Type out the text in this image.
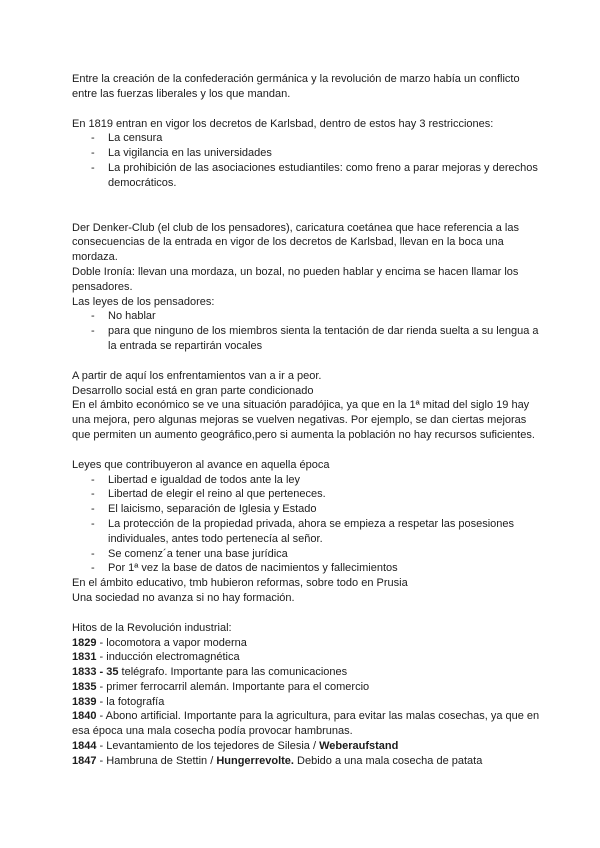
Entre la creación de la confederación germánica y la revolución de marzo había un conflicto entre las fuerzas liberales y los que mandan.

En 1819 entran en vigor los decretos de Karlsbad, dentro de estos hay 3 restricciones:

- La censura
- La vigilancia en las universidades
- La prohibición de las asociaciones estudiantiles: como freno a parar mejoras y derechos democráticos.

Der Denker-Club (el club de los pensadores), caricatura coetánea que hace referencia a las consecuencias de la entrada en vigor de los decretos de Karlsbad, llevan en la boca una mordaza.

Doble Ironía: llevan una mordaza, un bozal, no pueden hablar y encima se hacen llamar los pensadores.

Las leyes de los pensadores:

- No hablar
- para que ninguno de los miembros sienta la tentación de dar rienda suelta a su lengua a la entrada se repartirán vocales

A partir de aquí los enfrentamientos van a ir a peor.

Desarrollo social está en gran parte condicionado

En el ámbito económico se ve una situación paradójica, ya que en la 1ª mitad del siglo 19 hay una mejora, pero algunas mejoras se vuelven negativas. Por ejemplo, se dan ciertas mejoras que permiten un aumento geográfico,pero si aumenta la población no hay recursos suficientes.

Leyes que contribuyeron al avance en aquella época

- Libertad e igualdad de todos ante la ley
- Libertad de elegir el reino al que perteneces.
- El laicismo, separación de Iglesia y Estado
- La protección de la propiedad privada, ahora se empieza a respetar las posesiones individuales, antes todo pertenecía al señor.
- Se comenz´a tener una base jurídica
- Por 1ª vez la base de datos de nacimientos y fallecimientos

En el ámbito educativo, tmb hubieron reformas, sobre todo en Prusia

Una sociedad no avanza si no hay formación.

Hitos de la Revolución industrial:

1829 - locomotora a vapor moderna

1831 - inducción electromagnética

1833 - 35 telégrafo. Importante para las comunicaciones

1835 - primer ferrocarril alemán. Importante para el comercio

1839 - la fotografía

1840 - Abono artificial. Importante para la agricultura, para evitar las malas cosechas, ya que en esa época una mala cosecha podía provocar hambrunas.

1844 - Levantamiento de los tejedores de Silesia / Weberaufstand

1847 - Hambruna de Stettin / Hungerrevolte. Debido a una mala cosecha de patata
